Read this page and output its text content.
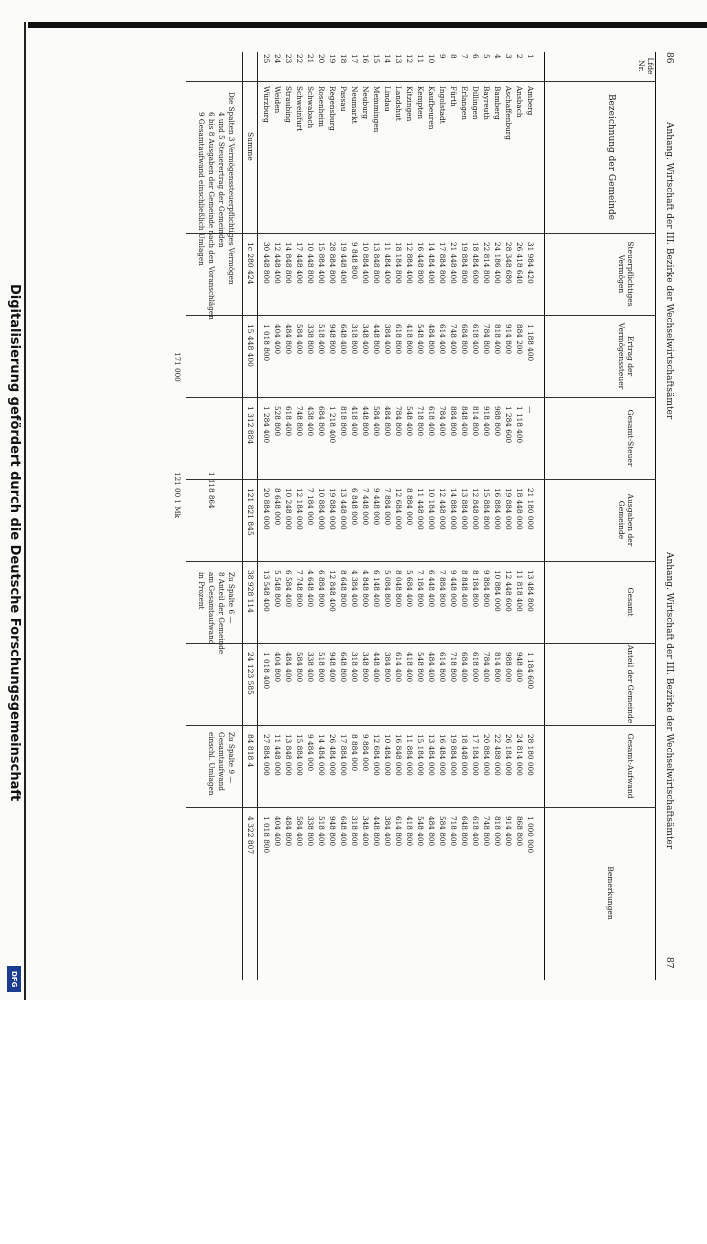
Digitalisierung gefördert durch die Deutsche Forschungsgemeinschaft
DFG
86
Anhang. Wirtschaft der III. Bezirke der Wechselwirtschaftsämter
Anhang. Wirtschaft der III. Bezirke der Wechselwirtschaftsämter
87
Lfde Nr.
Bezeichnung der Gemeinde
Steuerpflichtiges Vermögen
Ertrag der Vermögenssteuer
Gesamt-Steuer
Ausgaben der Gemeinde
Gesamt
Anteil der Gemeinde
Gesamt-Aufwand
Bemerkungen
1
Amberg
31 984 420
1 188 400
—
21 180 000
13 484 800
1 184 600
28 180 000
1 000 000
2
Ansbach
26 418 640
884 200
1 118 400
18 448 000
11 818 400
948 400
24 814 000
868 800
3
Aschaffenburg
28 348 680
914 800
1 284 600
19 884 000
12 448 600
988 000
26 184 000
914 400
4
Bamberg
24 186 400
818 400
988 800
16 884 000
10 884 000
814 800
22 488 000
818 000
5
Bayreuth
22 814 800
784 800
918 400
15 884 800
9 884 800
784 400
20 884 000
748 800
6
Dillingen
18 484 600
618 400
814 800
12 848 000
8 184 800
618 000
17 184 000
618 400
7
Erlangen
19 884 800
684 800
848 400
13 884 000
8 848 400
684 400
18 448 000
648 800
8
Fürth
21 448 400
748 400
884 800
14 884 000
9 448 000
718 800
19 884 000
718 400
9
Ingolstadt
17 884 800
614 400
784 400
12 448 000
7 884 800
614 800
16 484 000
584 800
10
Kaufbeuren
14 484 400
484 800
618 400
10 184 000
6 448 400
484 400
13 484 000
484 800
11
Kempten
16 448 800
548 400
718 800
11 448 000
7 184 800
548 800
15 184 000
548 400
12
Kitzingen
12 884 400
418 800
548 400
8 884 000
5 684 400
418 400
11 884 000
418 800
13
Landshut
18 184 800
618 800
784 800
12 684 000
8 048 800
614 400
16 848 000
614 800
14
Lindau
11 484 400
384 400
484 800
7 884 000
5 084 800
384 800
10 484 000
384 400
15
Memmingen
13 848 800
448 800
584 400
9 448 000
6 148 400
448 400
12 684 000
448 800
16
Neuburg
10 884 400
348 400
448 800
7 448 000
4 848 800
348 800
9 884 000
348 400
17
Neumarkt
9 848 800
318 800
418 400
6 848 000
4 384 400
318 400
8 884 000
318 800
18
Passau
19 448 400
648 400
818 800
13 448 000
8 648 800
648 800
17 884 000
648 400
19
Regensburg
28 884 800
948 800
1 218 400
19 884 000
12 848 400
948 400
26 484 000
948 800
20
Rosenheim
15 884 400
518 400
684 800
10 884 000
6 884 800
518 800
14 484 000
518 400
21
Schwabach
10 448 800
338 800
438 400
7 184 000
4 648 400
338 400
9 484 000
338 800
22
Schweinfurt
17 448 400
584 400
748 800
12 184 000
7 748 800
584 800
15 884 000
584 400
23
Straubing
14 848 800
484 800
618 400
10 248 000
6 584 400
484 400
13 848 000
484 800
24
Weiden
12 448 400
404 400
528 800
8 648 000
5 548 800
404 800
11 448 000
404 400
25
Würzburg
30 448 800
1 018 800
1 284 400
20 884 000
13 548 400
1 018 400
27 884 000
1 018 800
Summe
1c 280 424
15 448 400
1 312 884
121 821 845
38 928 114
24 123 585
84 818 4
4 322 807
Die Spalten 3 Vermögenssteuerpflichtiges Vermögen
4 und 5 Steuerertrag der Gemeinden
6 bis 8 Ausgaben der Gemeinde nach den Voranschlägen
9 Gesamtaufwand einschließlich Umlagen
171 000
1 118 864
121 00 1 Mk
Zu Spalte 6 —
8 Anteil der Gemeinde
am Gesamtaufwand
in Prozent
Zu Spalte 9 —
Gesamtaufwand
einschl. Umlagen
